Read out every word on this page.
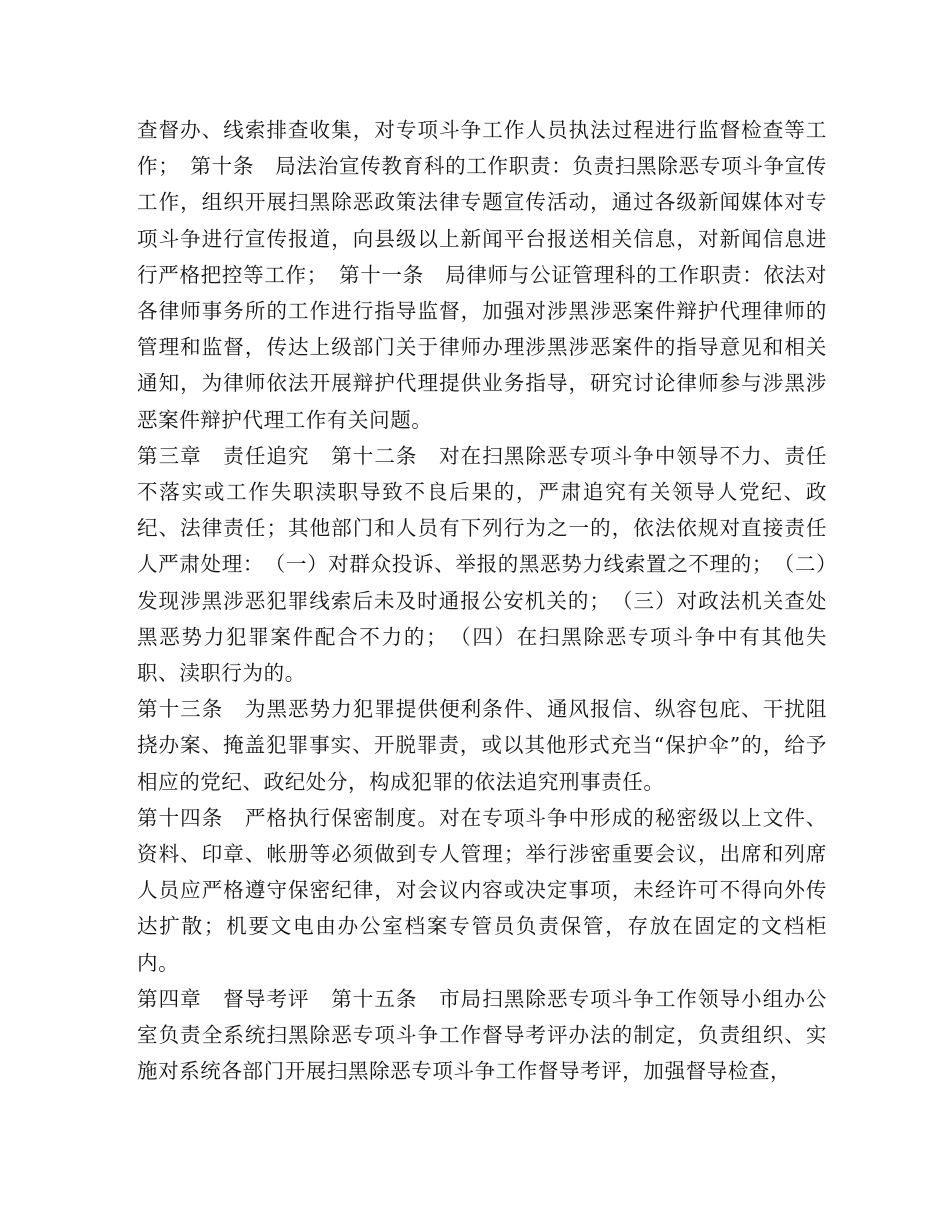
查督办、线索排查收集，对专项斗争工作人员执法过程进行监督检查等工作；　第十条　局法治宣传教育科的工作职责：负责扫黑除恶专项斗争宣传工作，组织开展扫黑除恶政策法律专题宣传活动，通过各级新闻媒体对专项斗争进行宣传报道，向县级以上新闻平台报送相关信息，对新闻信息进行严格把控等工作；　第十一条　局律师与公证管理科的工作职责：依法对各律师事务所的工作进行指导监督，加强对涉黑涉恶案件辩护代理律师的管理和监督，传达上级部门关于律师办理涉黑涉恶案件的指导意见和相关通知，为律师依法开展辩护代理提供业务指导，研究讨论律师参与涉黑涉恶案件辩护代理工作有关问题。

第三章　责任追究　第十二条　对在扫黑除恶专项斗争中领导不力、责任不落实或工作失职渎职导致不良后果的，严肃追究有关领导人党纪、政纪、法律责任；其他部门和人员有下列行为之一的，依法依规对直接责任人严肃处理：　（一）对群众投诉、举报的黑恶势力线索置之不理的；　（二）发现涉黑涉恶犯罪线索后未及时通报公安机关的；　（三）对政法机关查处黑恶势力犯罪案件配合不力的；　（四）在扫黑除恶专项斗争中有其他失职、渎职行为的。

第十三条　为黑恶势力犯罪提供便利条件、通风报信、纵容包庇、干扰阻挠办案、掩盖犯罪事实、开脱罪责，或以其他形式充当“保护伞”的，给予相应的党纪、政纪处分，构成犯罪的依法追究刑事责任。

第十四条　严格执行保密制度。对在专项斗争中形成的秘密级以上文件、资料、印章、帐册等必须做到专人管理；举行涉密重要会议，出席和列席人员应严格遵守保密纪律，对会议内容或决定事项，未经许可不得向外传达扩散；机要文电由办公室档案专管员负责保管，存放在固定的文档柜内。

第四章　督导考评　第十五条　市局扫黑除恶专项斗争工作领导小组办公室负责全系统扫黑除恶专项斗争工作督导考评办法的制定，负责组织、实施对系统各部门开展扫黑除恶专项斗争工作督导考评，加强督导检查，
